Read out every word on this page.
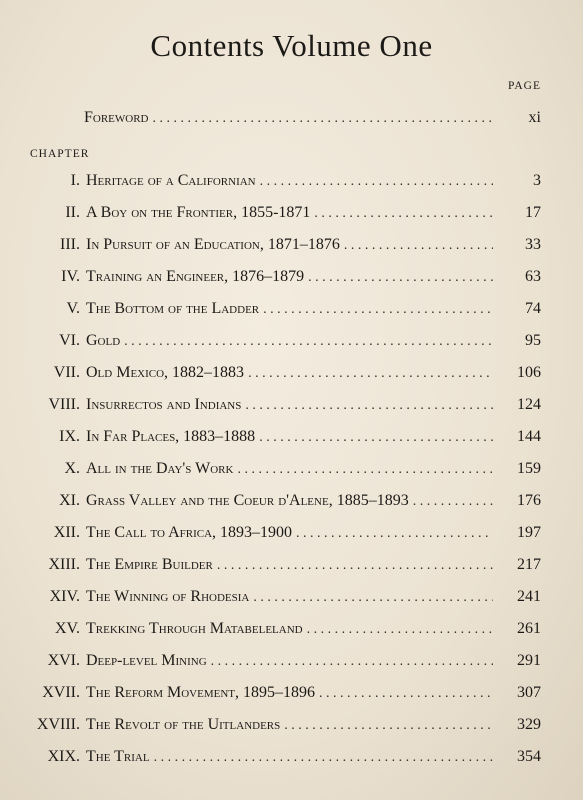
Contents Volume One
PAGE
Foreword . . .	xi
CHAPTER
I. Heritage of a Californian . . .	3
II. A Boy on the Frontier, 1855-1871 . . .	17
III. In Pursuit of an Education, 1871–1876 . . .	33
IV. Training an Engineer, 1876–1879 . . .	63
V. The Bottom of the Ladder . . .	74
VI. Gold . . .	95
VII. Old Mexico, 1882–1883 . . .	106
VIII. Insurrectos and Indians . . .	124
IX. In Far Places, 1883–1888 . . .	144
X. All in the Day's Work . . .	159
XI. Grass Valley and the Coeur d'Alene, 1885–1893 . . .	176
XII. The Call to Africa, 1893–1900 . . .	197
XIII. The Empire Builder . . .	217
XIV. The Winning of Rhodesia . . .	241
XV. Trekking Through Matabeleland . . .	261
XVI. Deep-level Mining . . .	291
XVII. The Reform Movement, 1895–1896 . . .	307
XVIII. The Revolt of the Uitlanders . . .	329
XIX. The Trial . . .	354
